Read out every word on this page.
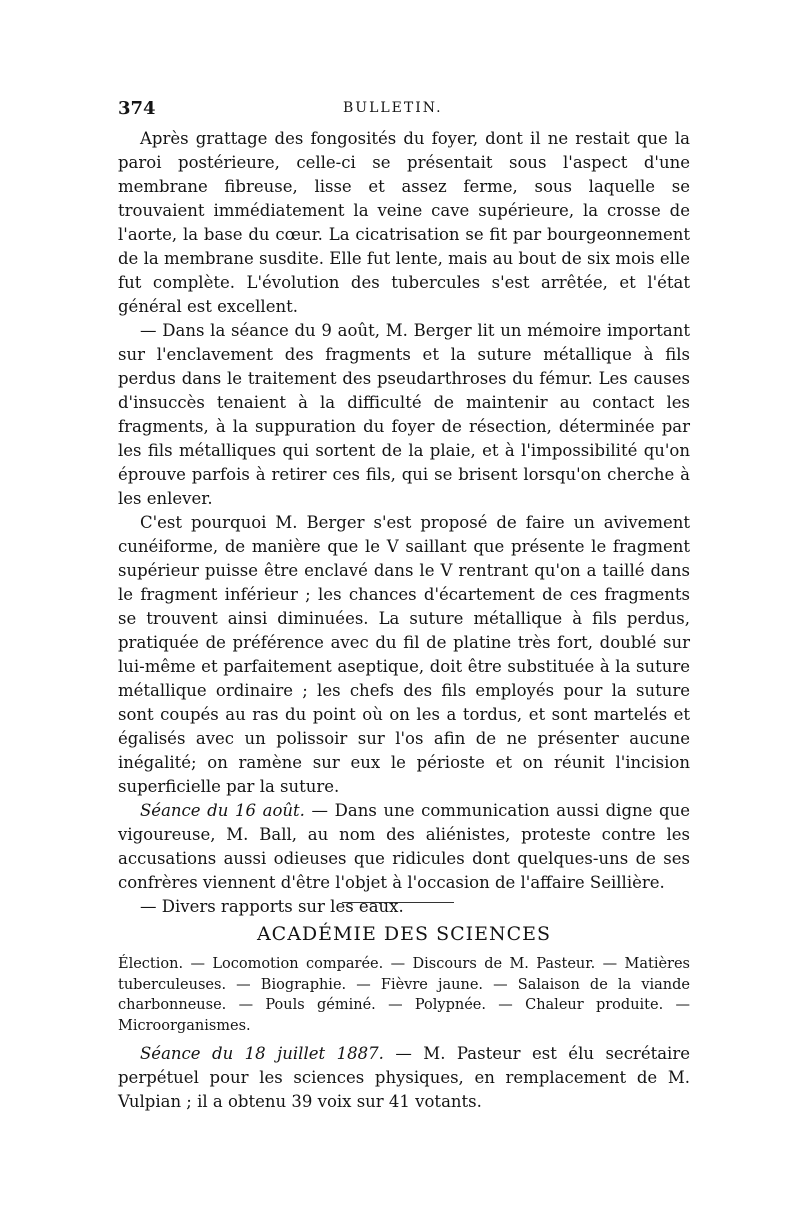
374	BULLETIN.

Après grattage des fongosités du foyer, dont il ne restait que la paroi postérieure, celle-ci se présentait sous l'aspect d'une membrane fibreuse, lisse et assez ferme, sous laquelle se trouvaient immédiatement la veine cave supérieure, la crosse de l'aorte, la base du cœur. La cicatrisation se fit par bourgeonnement de la membrane susdite. Elle fut lente, mais au bout de six mois elle fut complète. L'évolution des tubercules s'est arrêtée, et l'état général est excellent.

— Dans la séance du 9 août, M. Berger lit un mémoire important sur l'enclavement des fragments et la suture métallique à fils perdus dans le traitement des pseudarthroses du fémur. Les causes d'insuccès tenaient à la difficulté de maintenir au contact les fragments, à la suppuration du foyer de résection, déterminée par les fils métalliques qui sortent de la plaie, et à l'impossibilité qu'on éprouve parfois à retirer ces fils, qui se brisent lorsqu'on cherche à les enlever.

C'est pourquoi M. Berger s'est proposé de faire un avivement cunéiforme, de manière que le V saillant que présente le fragment supérieur puisse être enclavé dans le V rentrant qu'on a taillé dans le fragment inférieur ; les chances d'écartement de ces fragments se trouvent ainsi diminuées. La suture métallique à fils perdus, pratiquée de préférence avec du fil de platine très fort, doublé sur lui-même et parfaitement aseptique, doit être substituée à la suture métallique ordinaire ; les chefs des fils employés pour la suture sont coupés au ras du point où on les a tordus, et sont martelés et égalisés avec un polissoir sur l'os afin de ne présenter aucune inégalité; on ramène sur eux le périoste et on réunit l'incision superficielle par la suture.

Séance du 16 août. — Dans une communication aussi digne que vigoureuse, M. Ball, au nom des aliénistes, proteste contre les accusations aussi odieuses que ridicules dont quelques-uns de ses confrères viennent d'être l'objet à l'occasion de l'affaire Seillière.

— Divers rapports sur les eaux.

ACADÉMIE DES SCIENCES

Élection. — Locomotion comparée. — Discours de M. Pasteur. — Matières tuberculeuses. — Biographie. — Fièvre jaune. — Salaison de la viande charbonneuse. — Pouls géminé. — Polypnée. — Chaleur produite. — Microorganismes.

Séance du 18 juillet 1887. — M. Pasteur est élu secrétaire perpétuel pour les sciences physiques, en remplacement de M. Vulpian ; il a obtenu 39 voix sur 41 votants.
